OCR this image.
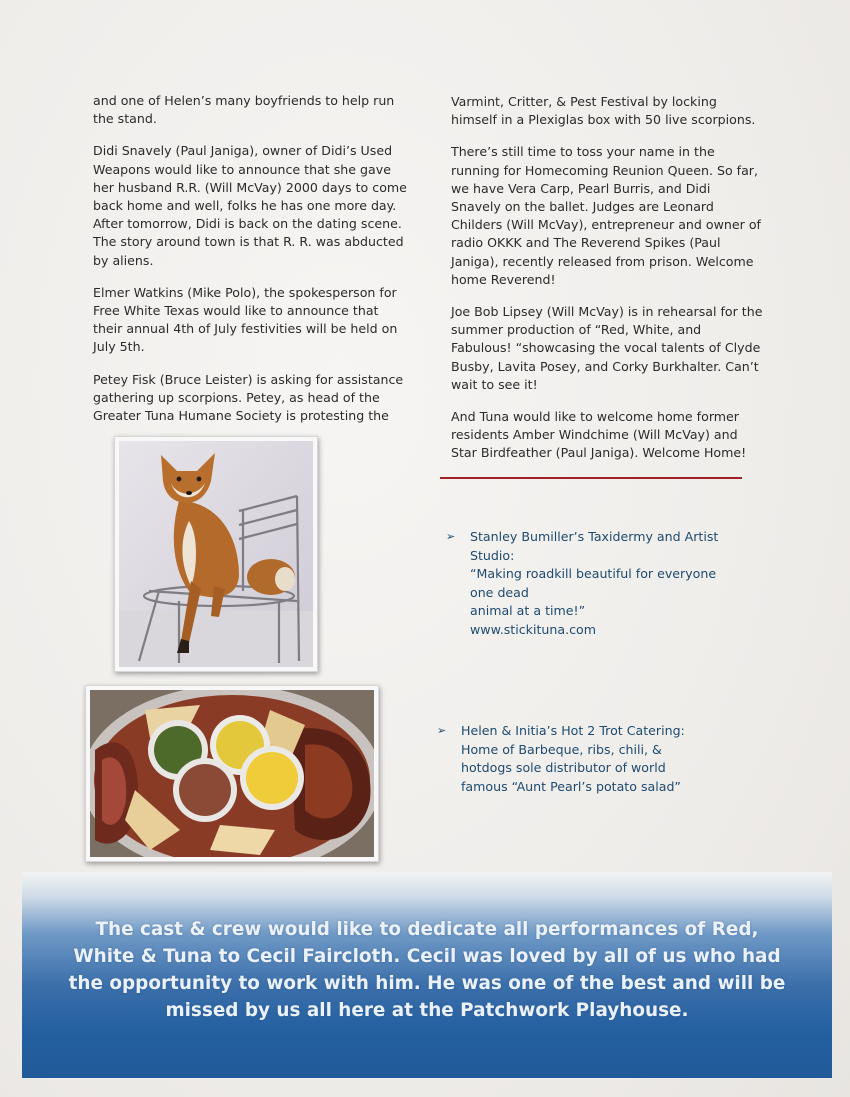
and one of Helen’s many boyfriends to help run the stand.

Didi Snavely (Paul Janiga), owner of Didi’s Used Weapons would like to announce that she gave her husband R.R. (Will McVay) 2000 days to come back home and well, folks he has one more day. After tomorrow, Didi is back on the dating scene. The story around town is that R. R. was abducted by aliens.

Elmer Watkins (Mike Polo), the spokesperson for Free White Texas would like to announce that their annual 4th of July festivities will be held on July 5th.

Petey Fisk (Bruce Leister) is asking for assistance gathering up scorpions. Petey, as head of the Greater Tuna Humane Society is protesting the

Varmint, Critter, & Pest Festival by locking himself in a Plexiglas box with 50 live scorpions.

There’s still time to toss your name in the running for Homecoming Reunion Queen. So far, we have Vera Carp, Pearl Burris, and Didi Snavely on the ballet. Judges are Leonard Childers (Will McVay), entrepreneur and owner of radio OKKK and The Reverend Spikes (Paul Janiga), recently released from prison. Welcome home Reverend!

Joe Bob Lipsey (Will McVay) is in rehearsal for the summer production of “Red, White, and Fabulous! “showcasing the vocal talents of Clyde Busby, Lavita Posey, and Corky Burkhalter. Can’t wait to see it!

And Tuna would like to welcome home former residents Amber Windchime (Will McVay) and Star Birdfeather (Paul Janiga). Welcome Home!

➢ Stanley Bumiller’s Taxidermy and Artist
Studio:
“Making roadkill beautiful for everyone
one dead
animal at a time!”
www.stickituna.com
➢ Helen & Initia’s Hot 2 Trot Catering:
Home of Barbeque, ribs, chili, &
hotdogs sole distributor of world
famous “Aunt Pearl’s potato salad”
The cast & crew would like to dedicate all performances of Red, White & Tuna to Cecil Faircloth. Cecil was loved by all of us who had the opportunity to work with him. He was one of the best and will be missed by us all here at the Patchwork Playhouse.
